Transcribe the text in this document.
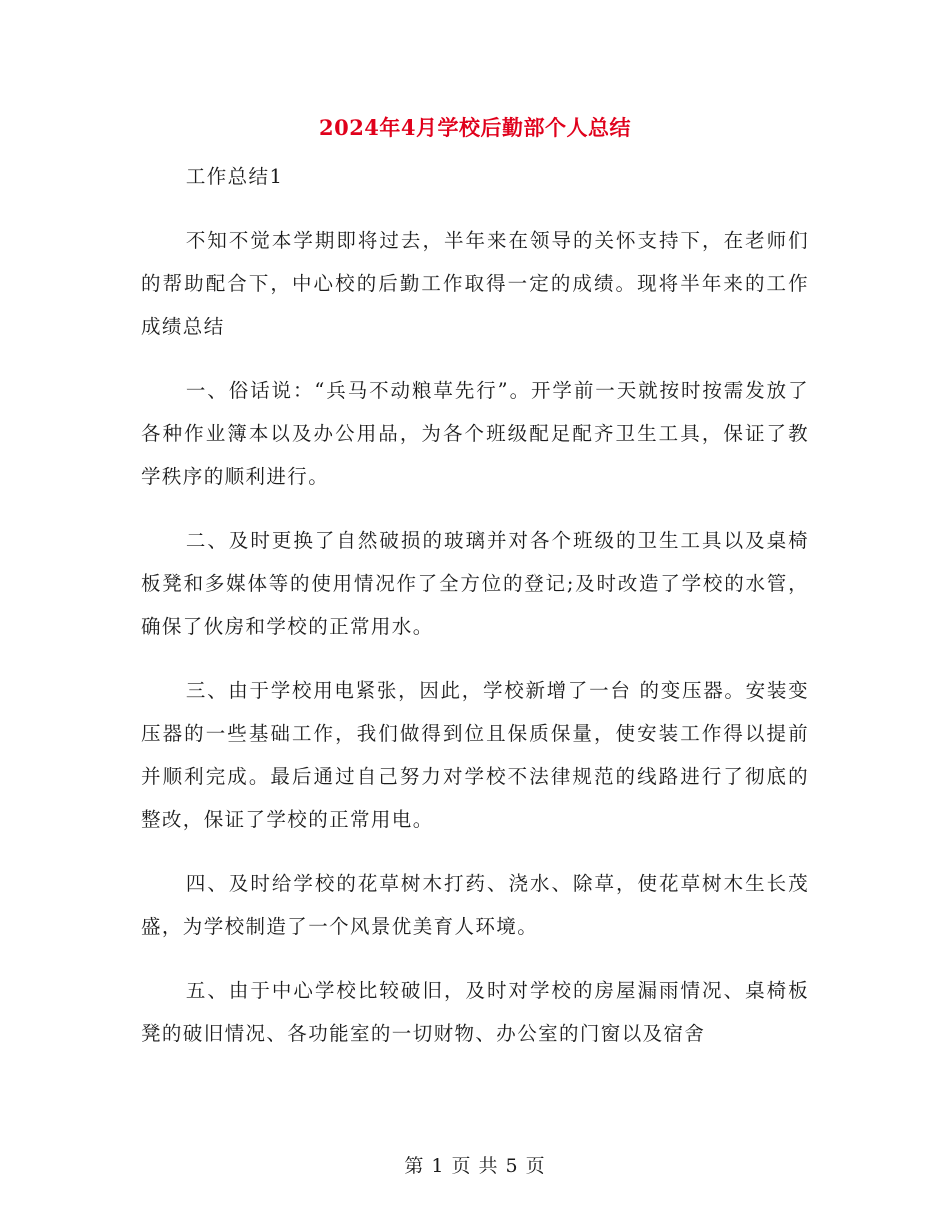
2024年4月学校后勤部个人总结

工作总结1

不知不觉本学期即将过去，半年来在领导的关怀支持下，在老师们的帮助配合下，中心校的后勤工作取得一定的成绩。现将半年来的工作成绩总结

一、俗话说：“兵马不动粮草先行”。开学前一天就按时按需发放了各种作业簿本以及办公用品，为各个班级配足配齐卫生工具，保证了教学秩序的顺利进行。

二、及时更换了自然破损的玻璃并对各个班级的卫生工具以及桌椅板凳和多媒体等的使用情况作了全方位的登记;及时改造了学校的水管，确保了伙房和学校的正常用水。

三、由于学校用电紧张，因此，学校新增了一台 的变压器。安装变压器的一些基础工作，我们做得到位且保质保量，使安装工作得以提前并顺利完成。最后通过自己努力对学校不法律规范的线路进行了彻底的整改，保证了学校的正常用电。

四、及时给学校的花草树木打药、浇水、除草，使花草树木生长茂盛，为学校制造了一个风景优美育人环境。

五、由于中心学校比较破旧，及时对学校的房屋漏雨情况、桌椅板凳的破旧情况、各功能室的一切财物、办公室的门窗以及宿舍

第 1 页 共 5 页
